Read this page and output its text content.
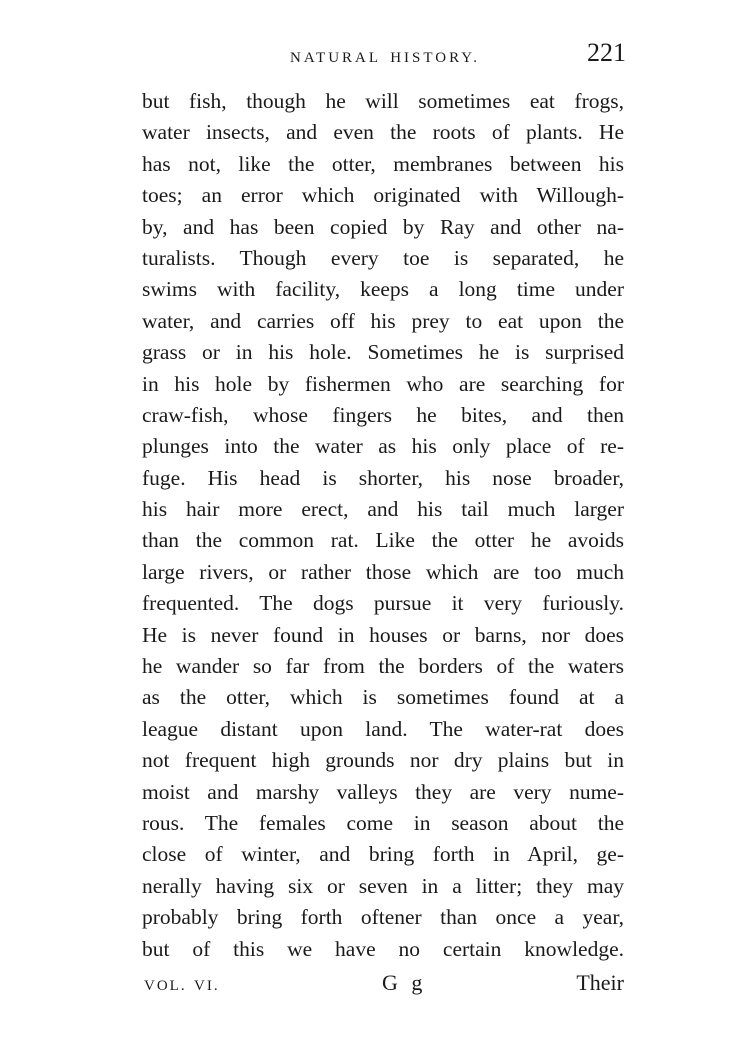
NATURAL HISTORY.	221
but fish, though he will sometimes eat frogs,
water insects, and even the roots of plants. He
has not, like the otter, membranes between his
toes; an error which originated with Willough-
by, and has been copied by Ray and other na-
turalists. Though every toe is separated, he
swims with facility, keeps a long time under
water, and carries off his prey to eat upon the
grass or in his hole. Sometimes he is surprised
in his hole by fishermen who are searching for
craw-fish, whose fingers he bites, and then
plunges into the water as his only place of re-
fuge. His head is shorter, his nose broader,
his hair more erect, and his tail much larger
than the common rat. Like the otter he avoids
large rivers, or rather those which are too much
frequented. The dogs pursue it very furiously.
He is never found in houses or barns, nor does
he wander so far from the borders of the waters
as the otter, which is sometimes found at a
league distant upon land. The water-rat does
not frequent high grounds nor dry plains but in
moist and marshy valleys they are very nume-
rous. The females come in season about the
close of winter, and bring forth in April, ge-
nerally having six or seven in a litter; they may
probably bring forth oftener than once a year,
but of this we have no certain knowledge.
VOL. VI.	G g	Their
